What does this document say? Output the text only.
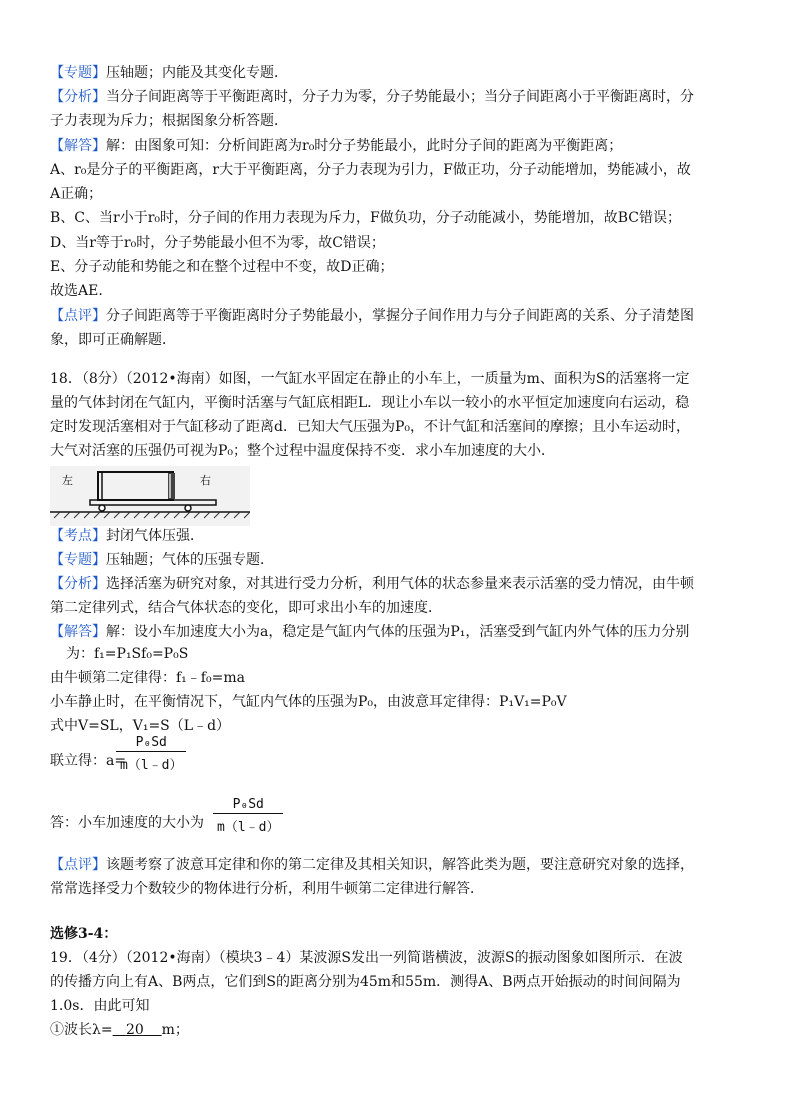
【专题】压轴题；内能及其变化专题．
【分析】当分子间距离等于平衡距离时，分子力为零，分子势能最小；当分子间距离小于平衡距离时，分
子力表现为斥力；根据图象分析答题．
【解答】解：由图象可知：分析间距离为r₀时分子势能最小，此时分子间的距离为平衡距离；
A、r₀是分子的平衡距离，r大于平衡距离，分子力表现为引力，F做正功，分子动能增加，势能减小，故
A正确；
B、C、当r小于r₀时，分子间的作用力表现为斥力，F做负功，分子动能减小，势能增加，故BC错误；
D、当r等于r₀时，分子势能最小但不为零，故C错误；
E、分子动能和势能之和在整个过程中不变，故D正确；
故选AE.
【点评】分子间距离等于平衡距离时分子势能最小，掌握分子间作用力与分子间距离的关系、分子清楚图
象，即可正确解题．
18．（8分）（2012•海南）如图，一气缸水平固定在静止的小车上，一质量为m、面积为S的活塞将一定
量的气体封闭在气缸内，平衡时活塞与气缸底相距L．现让小车以一较小的水平恒定加速度向右运动，稳
定时发现活塞相对于气缸移动了距离d．已知大气压强为P₀，不计气缸和活塞间的摩擦；且小车运动时，
大气对活塞的压强仍可视为P₀；整个过程中温度保持不变．求小车加速度的大小．
左	右
【考点】封闭气体压强．
【专题】压轴题；气体的压强专题．
【分析】选择活塞为研究对象，对其进行受力分析，利用气体的状态参量来表示活塞的受力情况，由牛顿
第二定律列式，结合气体状态的变化，即可求出小车的加速度．
【解答】解：设小车加速度大小为a，稳定是气缸内气体的压强为P₁，活塞受到气缸内外气体的压力分别
为：f₁=P₁Sf₀=P₀S
由牛顿第二定律得：f₁﹣f₀=ma
小车静止时，在平衡情况下，气缸内气体的压强为P₀，由波意耳定律得：P₁V₁=P₀V
式中V=SL，V₁=S（L﹣d）
联立得：a=
$\frac{\text{P₀Sd}}{m(l﹣d)}$
答：小车加速度的大小为 $\frac{\text{P₀Sd}}{m(l﹣d)}$
【点评】该题考察了波意耳定律和你的第二定律及其相关知识，解答此类为题，要注意研究对象的选择，
常常选择受力个数较少的物体进行分析，利用牛顿第二定律进行解答．
选修3-4：
19．（4分）（2012•海南）（模块3﹣4）某波源S发出一列简谐横波，波源S的振动图象如图所示．在波
的传播方向上有A、B两点，它们到S的距离分别为45m和55m．测得A、B两点开始振动的时间间隔为
1.0s．由此可知
①波长λ= 20 m；
